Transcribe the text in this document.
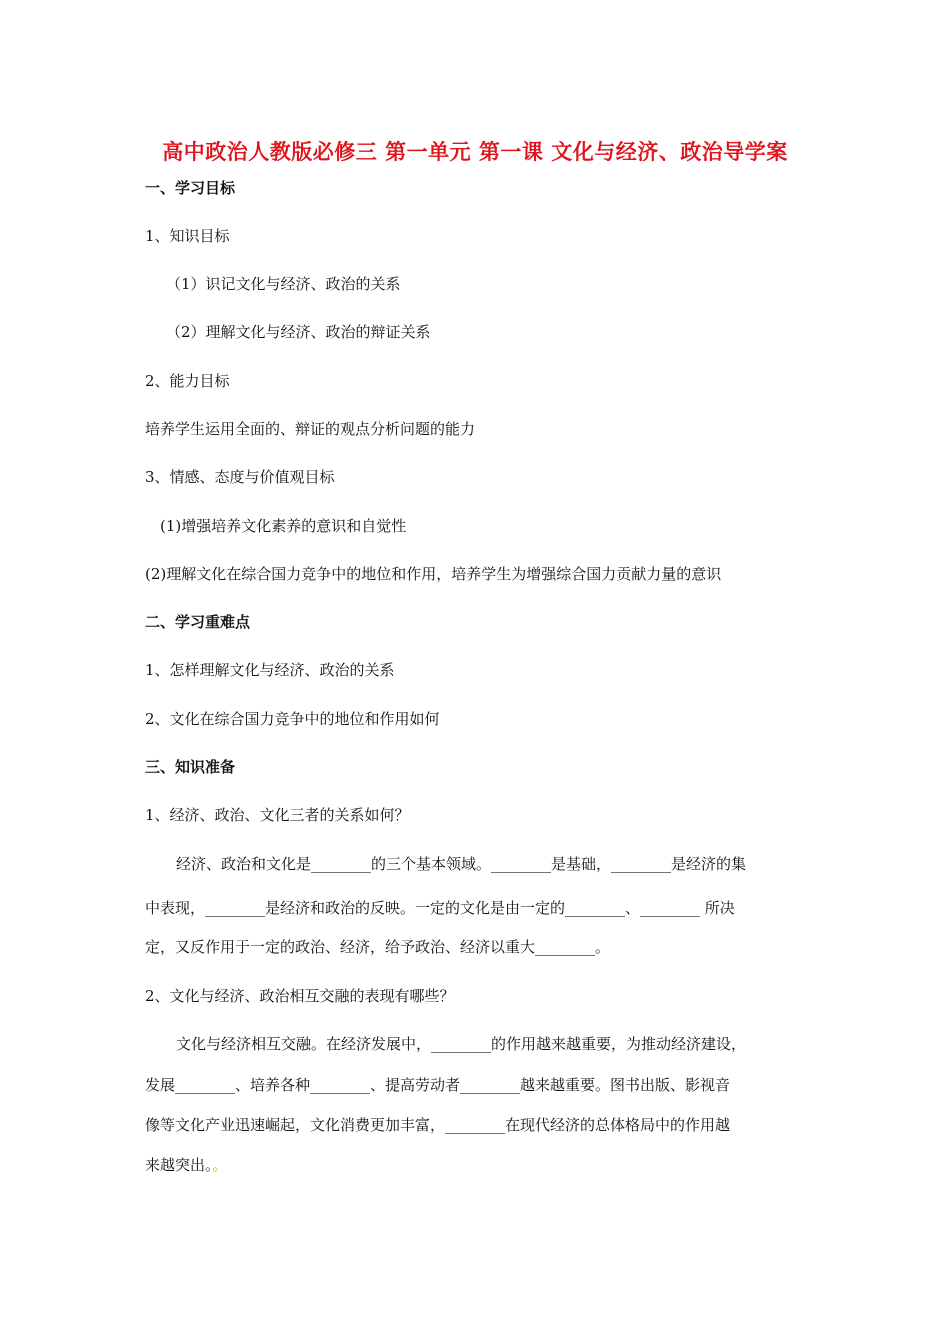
高中政治人教版必修三 第一单元 第一课 文化与经济、政治导学案
一、学习目标
1、知识目标
（1）识记文化与经济、政治的关系
（2）理解文化与经济、政治的辩证关系
2、能力目标
培养学生运用全面的、辩证的观点分析问题的能力
3、情感、态度与价值观目标
(1)增强培养文化素养的意识和自觉性
(2)理解文化在综合国力竞争中的地位和作用，培养学生为增强综合国力贡献力量的意识
二、学习重难点
1、怎样理解文化与经济、政治的关系
2、文化在综合国力竞争中的地位和作用如何
三、知识准备
1、经济、政治、文化三者的关系如何？
经济、政治和文化是________的三个基本领域。________是基础，________是经济的集
中表现，________是经济和政治的反映。一定的文化是由一定的________、________ 所决
定，又反作用于一定的政治、经济，给予政治、经济以重大________。
2、文化与经济、政治相互交融的表现有哪些？
文化与经济相互交融。在经济发展中，________的作用越来越重要，为推动经济建设，
发展________、培养各种________、提高劳动者________越来越重要。图书出版、影视音
像等文化产业迅速崛起，文化消费更加丰富，________在现代经济的总体格局中的作用越
来越突出。。
